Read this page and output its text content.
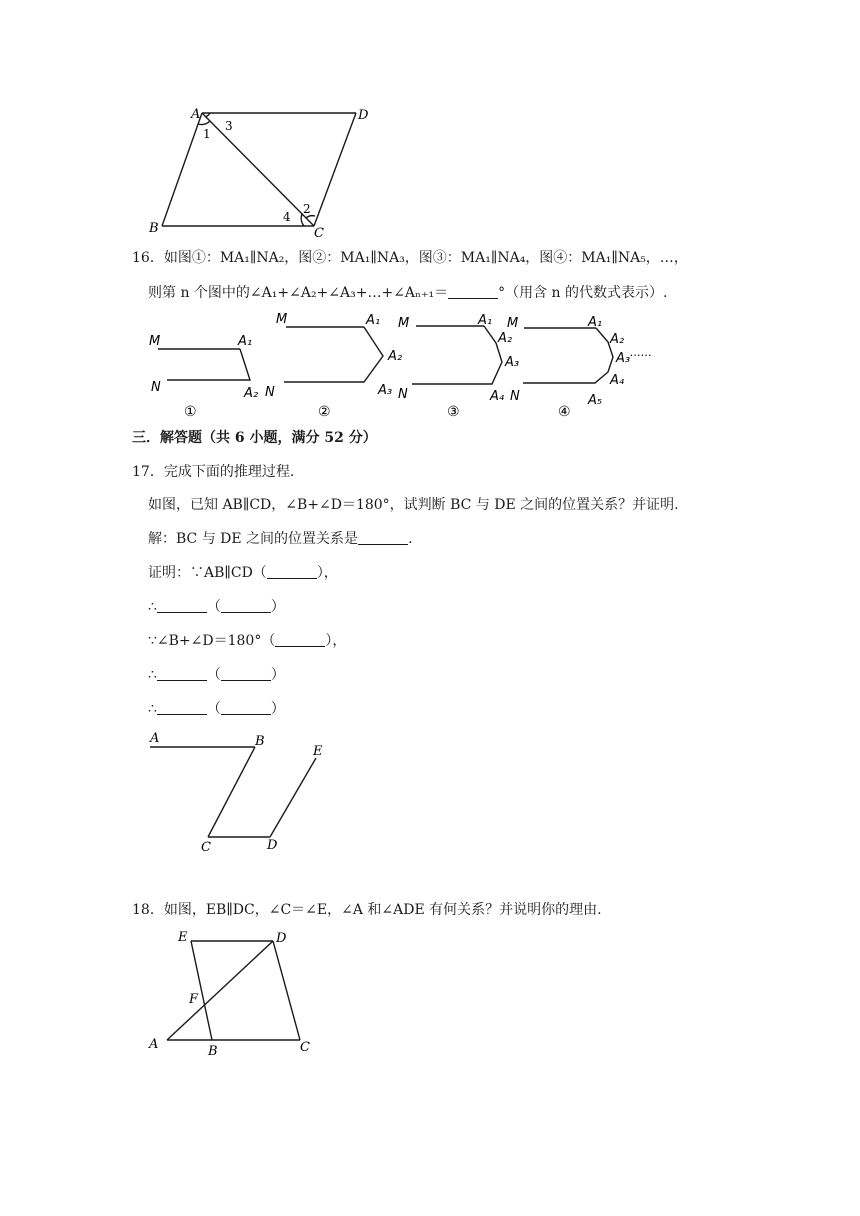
A	D
B	C
1
3
4
2
16．如图①：MA₁∥NA₂，图②：MA₁∥NA₃，图③：MA₁∥NA₄，图④：MA₁∥NA₅，…，
则第 n 个图中的∠A₁+∠A₂+∠A₃+…+∠Aₙ₊₁＝	°（用含 n 的代数式表示）.
M	A₁
N	A₂
①
N
M	A₁
A₂
A₃
②
N
M	A₁
A₂
A₃
A₄
③
M
N
A₁
A₂
A₃ ……
A₄
A₅
④
三．解答题（共 6 小题，满分 52 分）
17．完成下面的推理过程.
如图，已知 AB∥CD，∠B+∠D＝180°，试判断 BC 与 DE 之间的位置关系？并证明.
解：BC 与 DE 之间的位置关系是	.
证明：∵AB∥CD（	），
∴	（	）
∵∠B+∠D＝180°（	），
∴	（	）
∴	（	）
A	B
E
C	D
18．如图，EB∥DC，∠C＝∠E，∠A 和∠ADE 有何关系？并说明你的理由.
E	D
F
A	B	C
